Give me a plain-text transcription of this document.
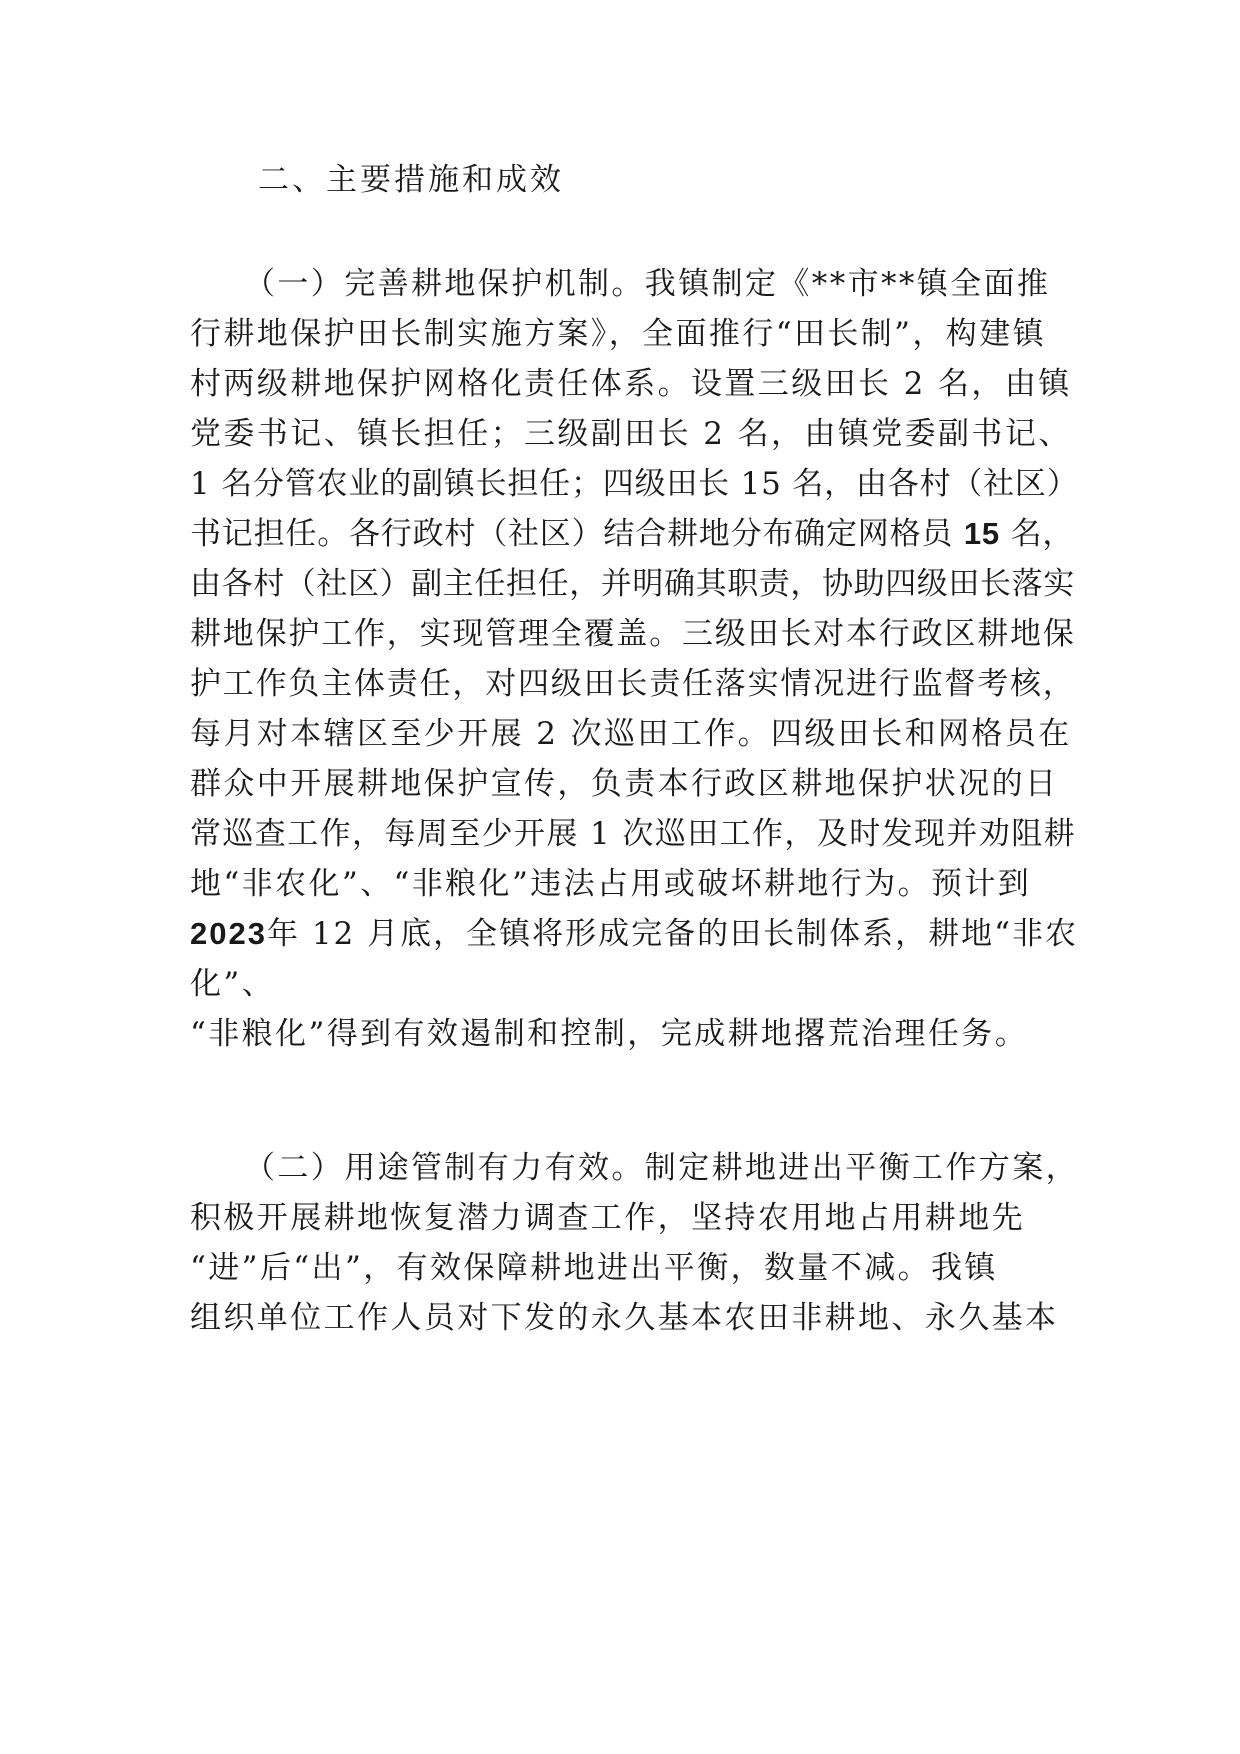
二、主要措施和成效
（一）完善耕地保护机制。我镇制定《**市**镇全面推
行耕地保护田长制实施方案》，全面推行“田长制”，构建镇
村两级耕地保护网格化责任体系。设置三级田长 2 名，由镇
党委书记、镇长担任；三级副田长 2 名，由镇党委副书记、
1 名分管农业的副镇长担任；四级田长 15 名，由各村（社区）
书记担任。各行政村（社区）结合耕地分布确定网格员 15 名，
由各村（社区）副主任担任，并明确其职责，协助四级田长落实
耕地保护工作，实现管理全覆盖。三级田长对本行政区耕地保
护工作负主体责任，对四级田长责任落实情况进行监督考核，
每月对本辖区至少开展 2 次巡田工作。四级田长和网格员在
群众中开展耕地保护宣传，负责本行政区耕地保护状况的日
常巡查工作，每周至少开展 1 次巡田工作，及时发现并劝阻耕
地“非农化”、“非粮化”违法占用或破坏耕地行为。预计到
2023年 12 月底，全镇将形成完备的田长制体系，耕地“非农
化”、
“非粮化”得到有效遏制和控制，完成耕地撂荒治理任务。
（二）用途管制有力有效。制定耕地进出平衡工作方案，
积极开展耕地恢复潜力调查工作，坚持农用地占用耕地先
“进”后“出”，有效保障耕地进出平衡，数量不减。我镇
组织单位工作人员对下发的永久基本农田非耕地、永久基本
